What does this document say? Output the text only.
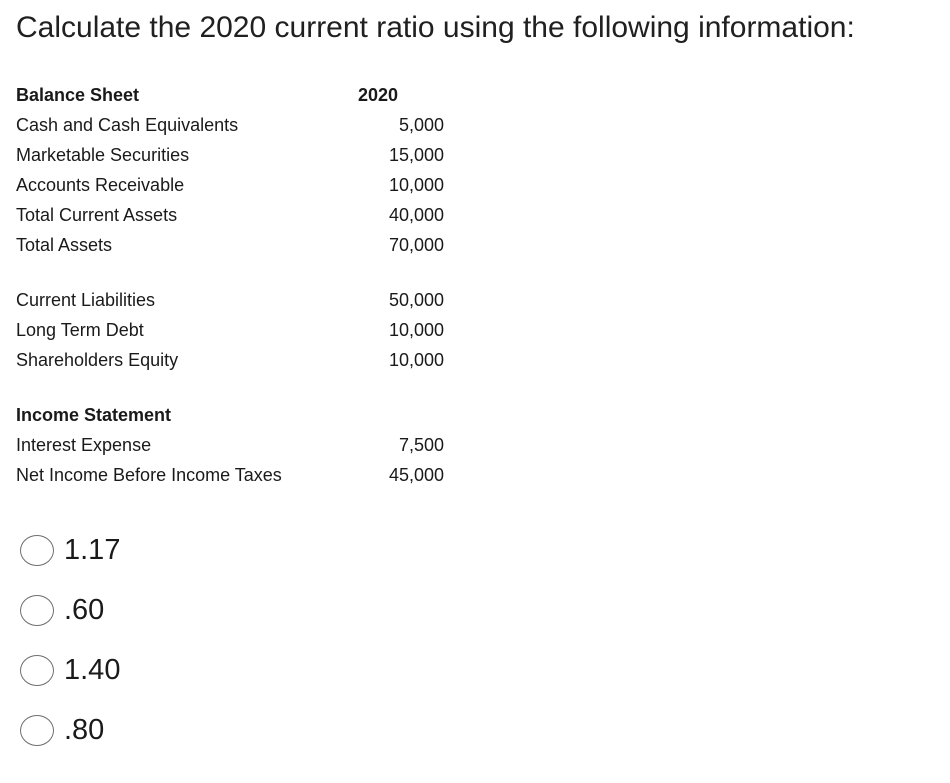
Calculate the 2020 current ratio using the following information:
Balance Sheet	2020
Cash and Cash Equivalents	5,000
Marketable Securities	15,000
Accounts Receivable	10,000
Total Current Assets	40,000
Total Assets	70,000

Current Liabilities	50,000
Long Term Debt	10,000
Shareholders Equity	10,000

Income Statement	
Interest Expense	7,500
Net Income Before Income Taxes	45,000
1.17
.60
1.40
.80
